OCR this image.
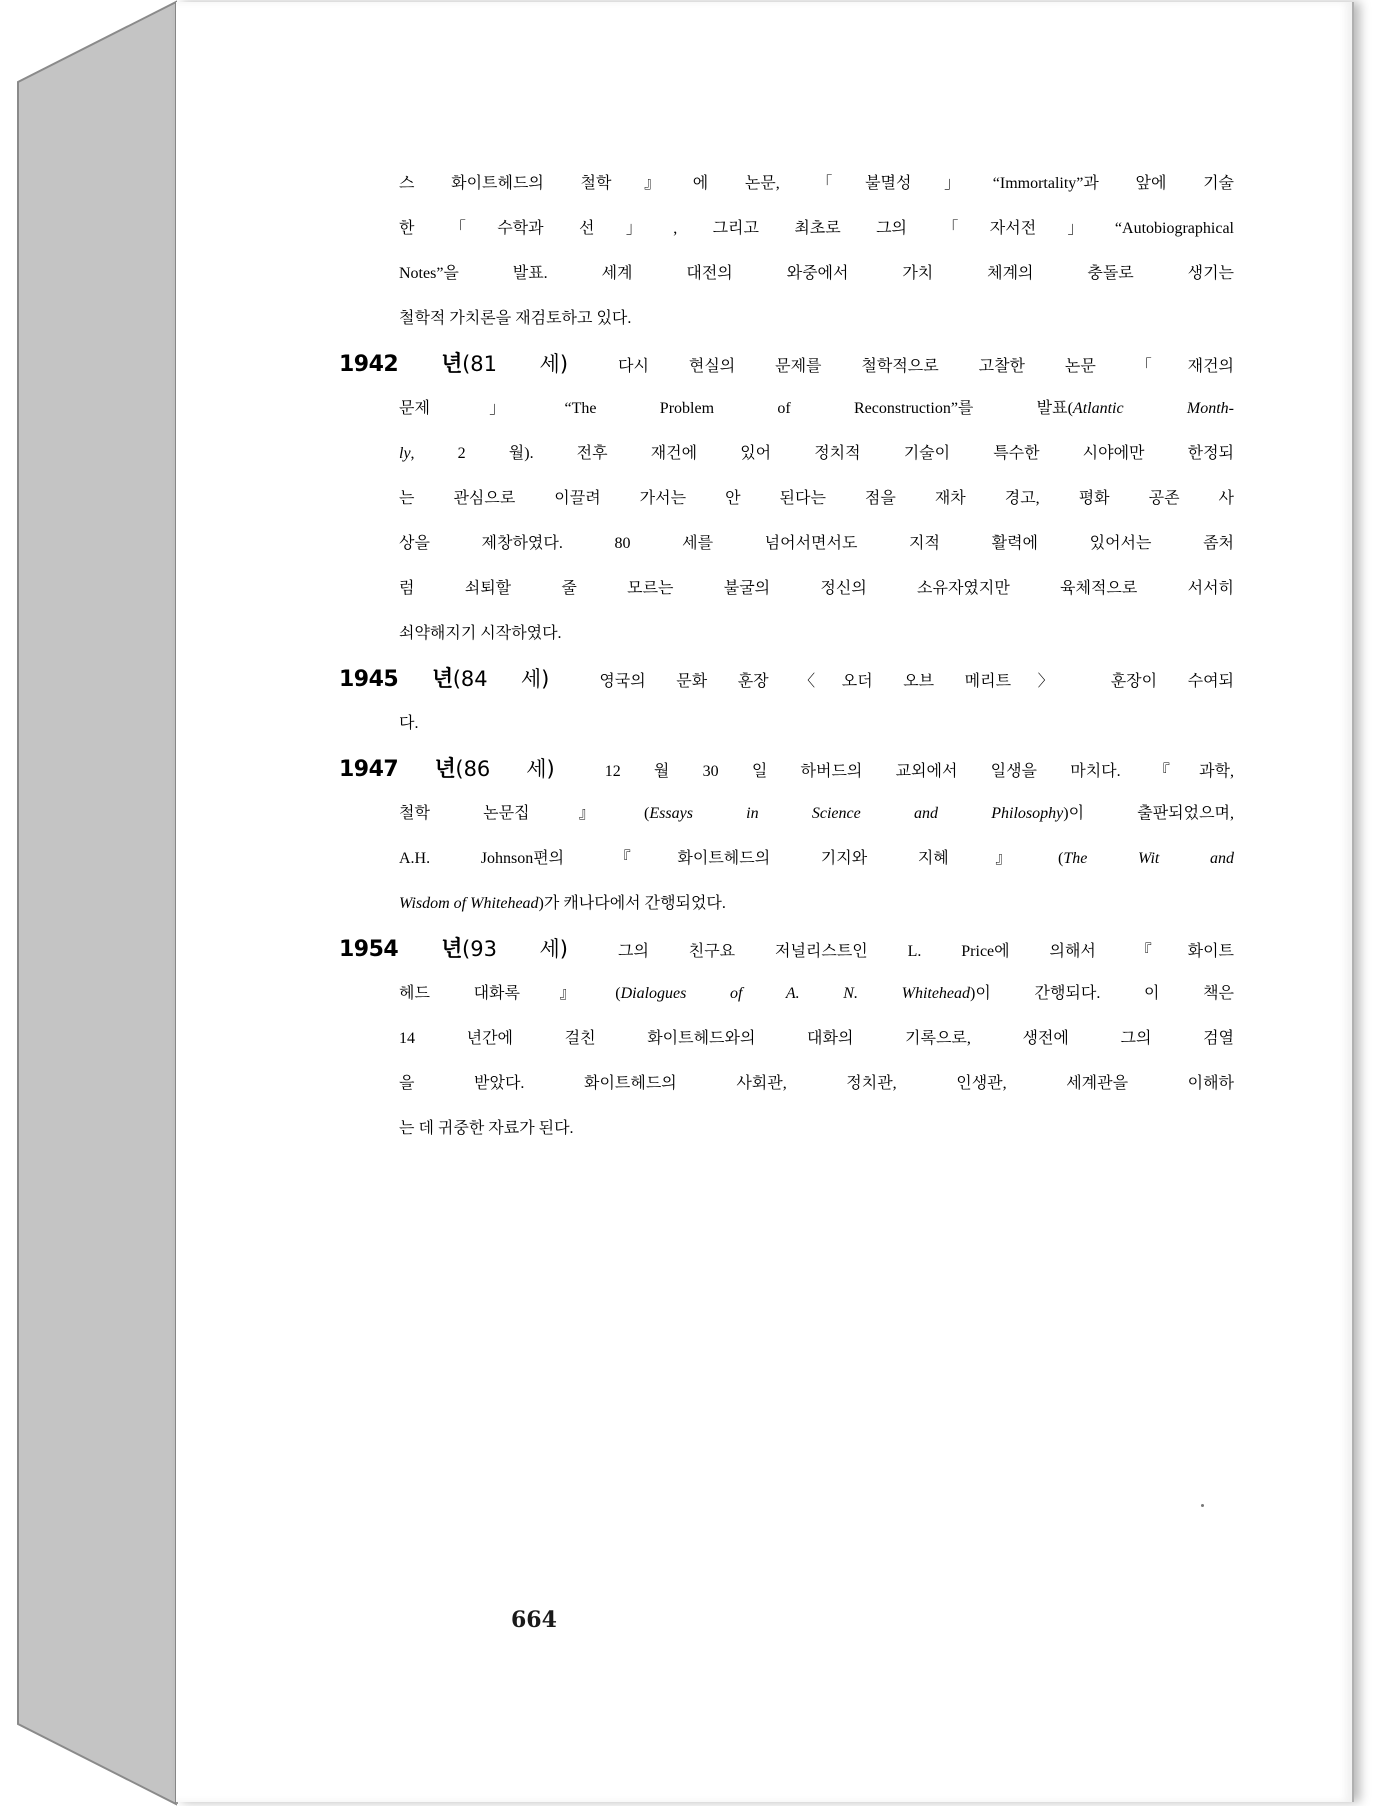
스 화이트헤드의 철학』에 논문, 「불멸성」“Immortality”과 앞에 기술
한 「수학과 선」, 그리고 최초로 그의 「자서전」“Autobiographical
Notes”을 발표. 세계 대전의 와중에서 가치 체계의 충돌로 생기는
철학적 가치론을 재검토하고 있다.
1942 년(81 세)	다시 현실의 문제를 철학적으로 고찰한 논문 「재건의
문제」“The Problem of Reconstruction”를 발표(Atlantic Month-
ly, 2 월). 전후 재건에 있어 정치적 기술이 특수한 시야에만 한정되
는 관심으로 이끌려 가서는 안 된다는 점을 재차 경고, 평화 공존 사
상을 제창하였다. 80 세를 넘어서면서도 지적 활력에 있어서는 좀처
럼 쇠퇴할 줄 모르는 불굴의 정신의 소유자였지만 육체적으로 서서히
쇠약해지기 시작하였다.
1945 년(84 세)	영국의 문화 훈장 〈오더 오브 메리트〉 훈장이 수여되
다.
1947 년(86 세)	12 월 30 일 하버드의 교외에서 일생을 마치다. 『과학,
철학 논문집』(Essays in Science and Philosophy)이 출판되었으며,
A.H. Johnson편의 『화이트헤드의 기지와 지혜』(The Wit and
Wisdom of Whitehead)가 캐나다에서 간행되었다.
1954 년(93 세)	그의 친구요 저널리스트인 L. Price에 의해서 『화이트
헤드 대화록』(Dialogues of A. N. Whitehead)이 간행되다. 이 책은
14 년간에 걸친 화이트헤드와의 대화의 기록으로, 생전에 그의 검열
을 받았다. 화이트헤드의 사회관, 정치관, 인생관, 세계관을 이해하
는 데 귀중한 자료가 된다.
664
